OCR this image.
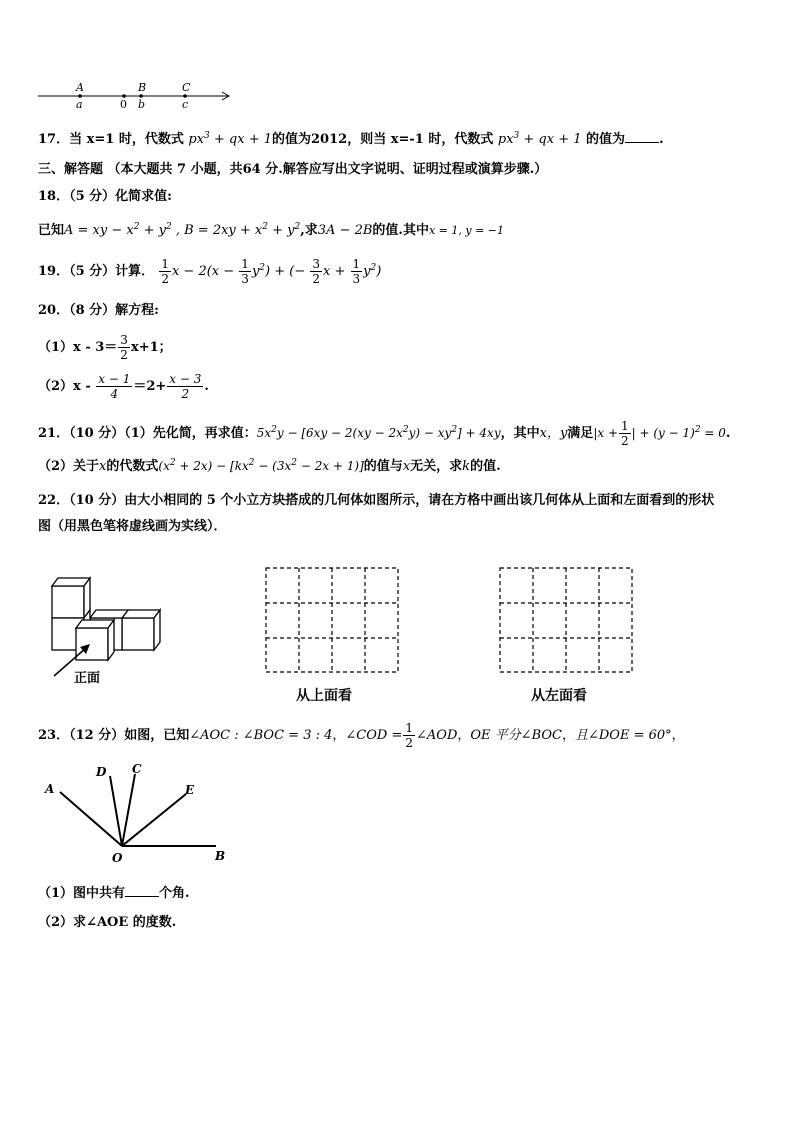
A	B	C
a	0 b	c
17．当 x=1 时，代数式 $px^3$ + qx + 1的值为2012，则当 x=-1 时，代数式 $px^3$ + qx + 1 的值为	.
三、解答题 （本大题共 7 小题，共64 分.解答应写出文字说明、证明过程或演算步骤.）
18．（5 分）化简求值:
已知A = xy − $x^2 + y^2$ , $B = 2xy + x^2 + y^2$,求3A − 2B的值.其中x = 1, y = −1
19．（5 分）计算． $\frac{1}{2}$ $x - 2(x - \frac{1}{3} y^2)$ + (− $\frac{3}{2}$ $x + \frac{1}{3} y^2$)
20．（8 分）解方程:
$(1)x - 3= \frac{3}{2} x+1$；
$(2)x - \frac{x - 1}{4} =2+ \frac{x - 3}{2}$ .
21．（10 分）（1）先化简，再求值：$5x^2y - [6xy - 2(xy - 2x^2y) - xy^2] + 4xy$，其中x，y满足$|x + \frac{1}{2}$ | + $(y - 1)^2 = 0$.
（2）关于x的代数式$(x^2 + 2x) - [kx^2 - (3x^2 - 2x + 1)]$的值与x无关，求k的值.
22．（10 分）由大小相同的 5 个小立方块搭成的几何体如图所示，请在方格中画出该几何体从上面和左面看到的形状
图（用黑色笔将虚线画为实线）．
正面
从上面看	从左面看
23．（12 分）如图，已知∠AOC : ∠BOC = 3 : 4，∠COD = $\frac{1}{2}$ ∠AOD，OE 平分∠BOC，且∠DOE = 60°，
A
D C
E
O	B
（1）图中共有	个角.
（2）求∠AOE 的度数.
